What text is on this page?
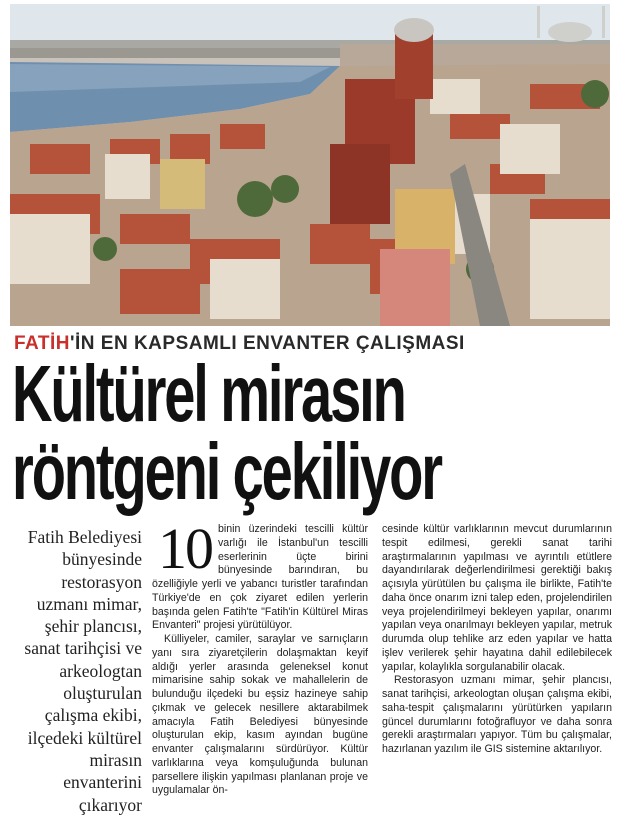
FATİH'İN EN KAPSAMLI ENVANTER ÇALIŞMASI
Kültürel mirasın
röntgeni çekiliyor
Fatih Belediyesi bünyesinde restorasyon uzmanı mimar, şehir plancısı, sanat tarihçisi ve arkeologtan oluşturulan çalışma ekibi, ilçedeki kültürel mirasın envanterini çıkarıyor

10 binin üzerindeki tescilli kültür varlığı ile İstanbul'un tescilli eserlerinin üçte birini bünyesinde barındıran, bu özelliğiyle yerli ve yabancı turistler tarafından Türkiye'de en çok ziyaret edilen yerlerin başında gelen Fatih'te "Fatih'in Kültürel Miras Envanteri" projesi yürütülüyor.

Külliyeler, camiler, saraylar ve sarnıçların yanı sıra ziyaretçilerin dolaşmaktan keyif aldığı yerler arasında geleneksel konut mimarisine sahip sokak ve mahallelerin de bulunduğu ilçedeki bu eşsiz hazineye sahip çıkmak ve gelecek nesillere aktarabilmek amacıyla Fatih Belediyesi bünyesinde oluşturulan ekip, kasım ayından bugüne envanter çalışmalarını sürdürüyor. Kültür varlıklarına veya komşuluğunda bulunan parsellere ilişkin yapılması planlanan proje ve uygulamalar ön-

cesinde kültür varlıklarının mevcut durumlarının tespit edilmesi, gerekli sanat tarihi araştırmalarının yapılması ve ayrıntılı etütlere dayandırılarak değerlendirilmesi gerektiği bakış açısıyla yürütülen bu çalışma ile birlikte, Fatih'te daha önce onarım izni talep eden, projelendirilen veya projelendirilmeyi bekleyen yapılar, onarımı yapılan veya onarılmayı bekleyen yapılar, metruk durumda olup tehlike arz eden yapılar ve hatta işlev verilerek şehir hayatına dahil edilebilecek yapılar, kolaylıkla sorgulanabilir olacak.

Restorasyon uzmanı mimar, şehir plancısı, sanat tarihçisi, arkeologtan oluşan çalışma ekibi, saha-tespit çalışmalarını yürütürken yapıların güncel durumlarını fotoğrafluyor ve daha sonra gerekli araştırmaları yapıyor. Tüm bu çalışmalar, hazırlanan yazılım ile GIS sistemine aktarılıyor.
